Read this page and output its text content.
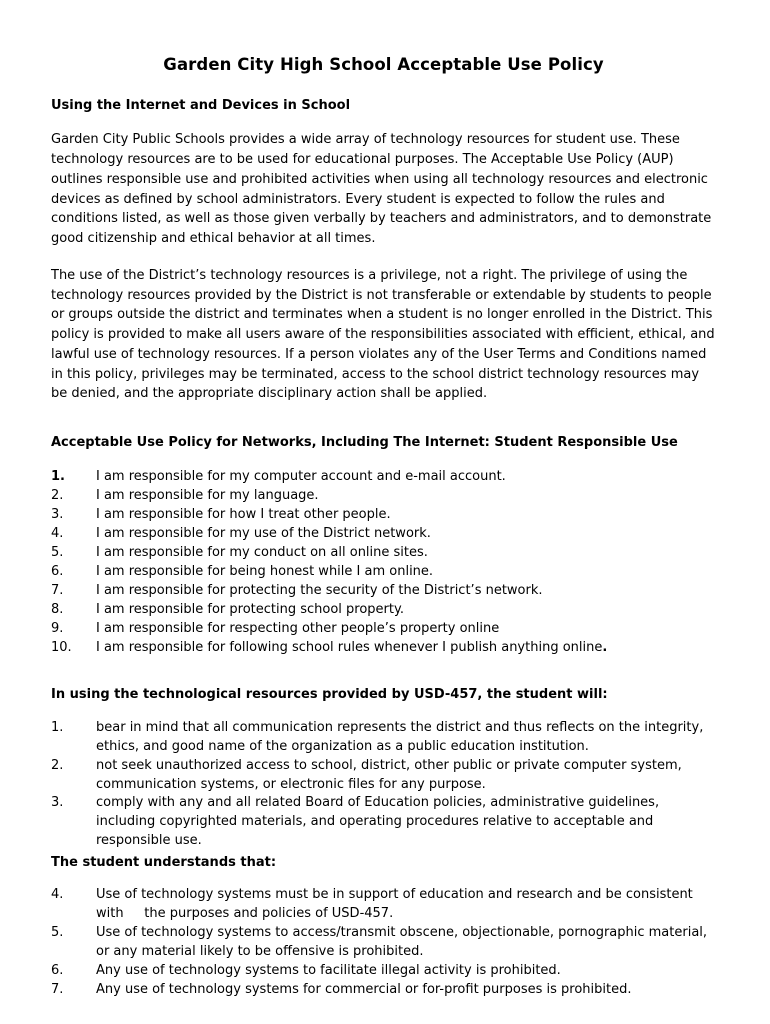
Garden City High School Acceptable Use Policy
Using the Internet and Devices in School

Garden City Public Schools provides a wide array of technology resources for student use. These technology resources are to be used for educational purposes. The Acceptable Use Policy (AUP) outlines responsible use and prohibited activities when using all technology resources and electronic devices as defined by school administrators. Every student is expected to follow the rules and conditions listed, as well as those given verbally by teachers and administrators, and to demonstrate good citizenship and ethical behavior at all times.

The use of the District’s technology resources is a privilege, not a right. The privilege of using the technology resources provided by the District is not transferable or extendable by students to people or groups outside the district and terminates when a student is no longer enrolled in the District. This policy is provided to make all users aware of the responsibilities associated with efficient, ethical, and lawful use of technology resources. If a person violates any of the User Terms and Conditions named in this policy, privileges may be terminated, access to the school district technology resources may be denied, and the appropriate disciplinary action shall be applied.

Acceptable Use Policy for Networks, Including The Internet: Student Responsible Use
1.	I am responsible for my computer account and e-mail account.
2.	I am responsible for my language.
3.	I am responsible for how I treat other people.
4.	I am responsible for my use of the District network.
5.	I am responsible for my conduct on all online sites.
6.	I am responsible for being honest while I am online.
7.	I am responsible for protecting the security of the District’s network.
8.	I am responsible for protecting school property.
9.	I am responsible for respecting other people’s property online
10.	I am responsible for following school rules whenever I publish anything online.
In using the technological resources provided by USD-457, the student will:
1.	bear in mind that all communication represents the district and thus reflects on the integrity, ethics, and good name of the organization as a public education institution.
2.	not seek unauthorized access to school, district, other public or private computer system, communication systems, or electronic files for any purpose.
3.	comply with any and all related Board of Education policies, administrative guidelines, including copyrighted materials, and operating procedures relative to acceptable and responsible use.
The student understands that:
4.	Use of technology systems must be in support of education and research and be consistent with the purposes and policies of USD-457.
5.	Use of technology systems to access/transmit obscene, objectionable, pornographic material, or any material likely to be offensive is prohibited.
6.	Any use of technology systems to facilitate illegal activity is prohibited.
7.	Any use of technology systems for commercial or for-profit purposes is prohibited.
